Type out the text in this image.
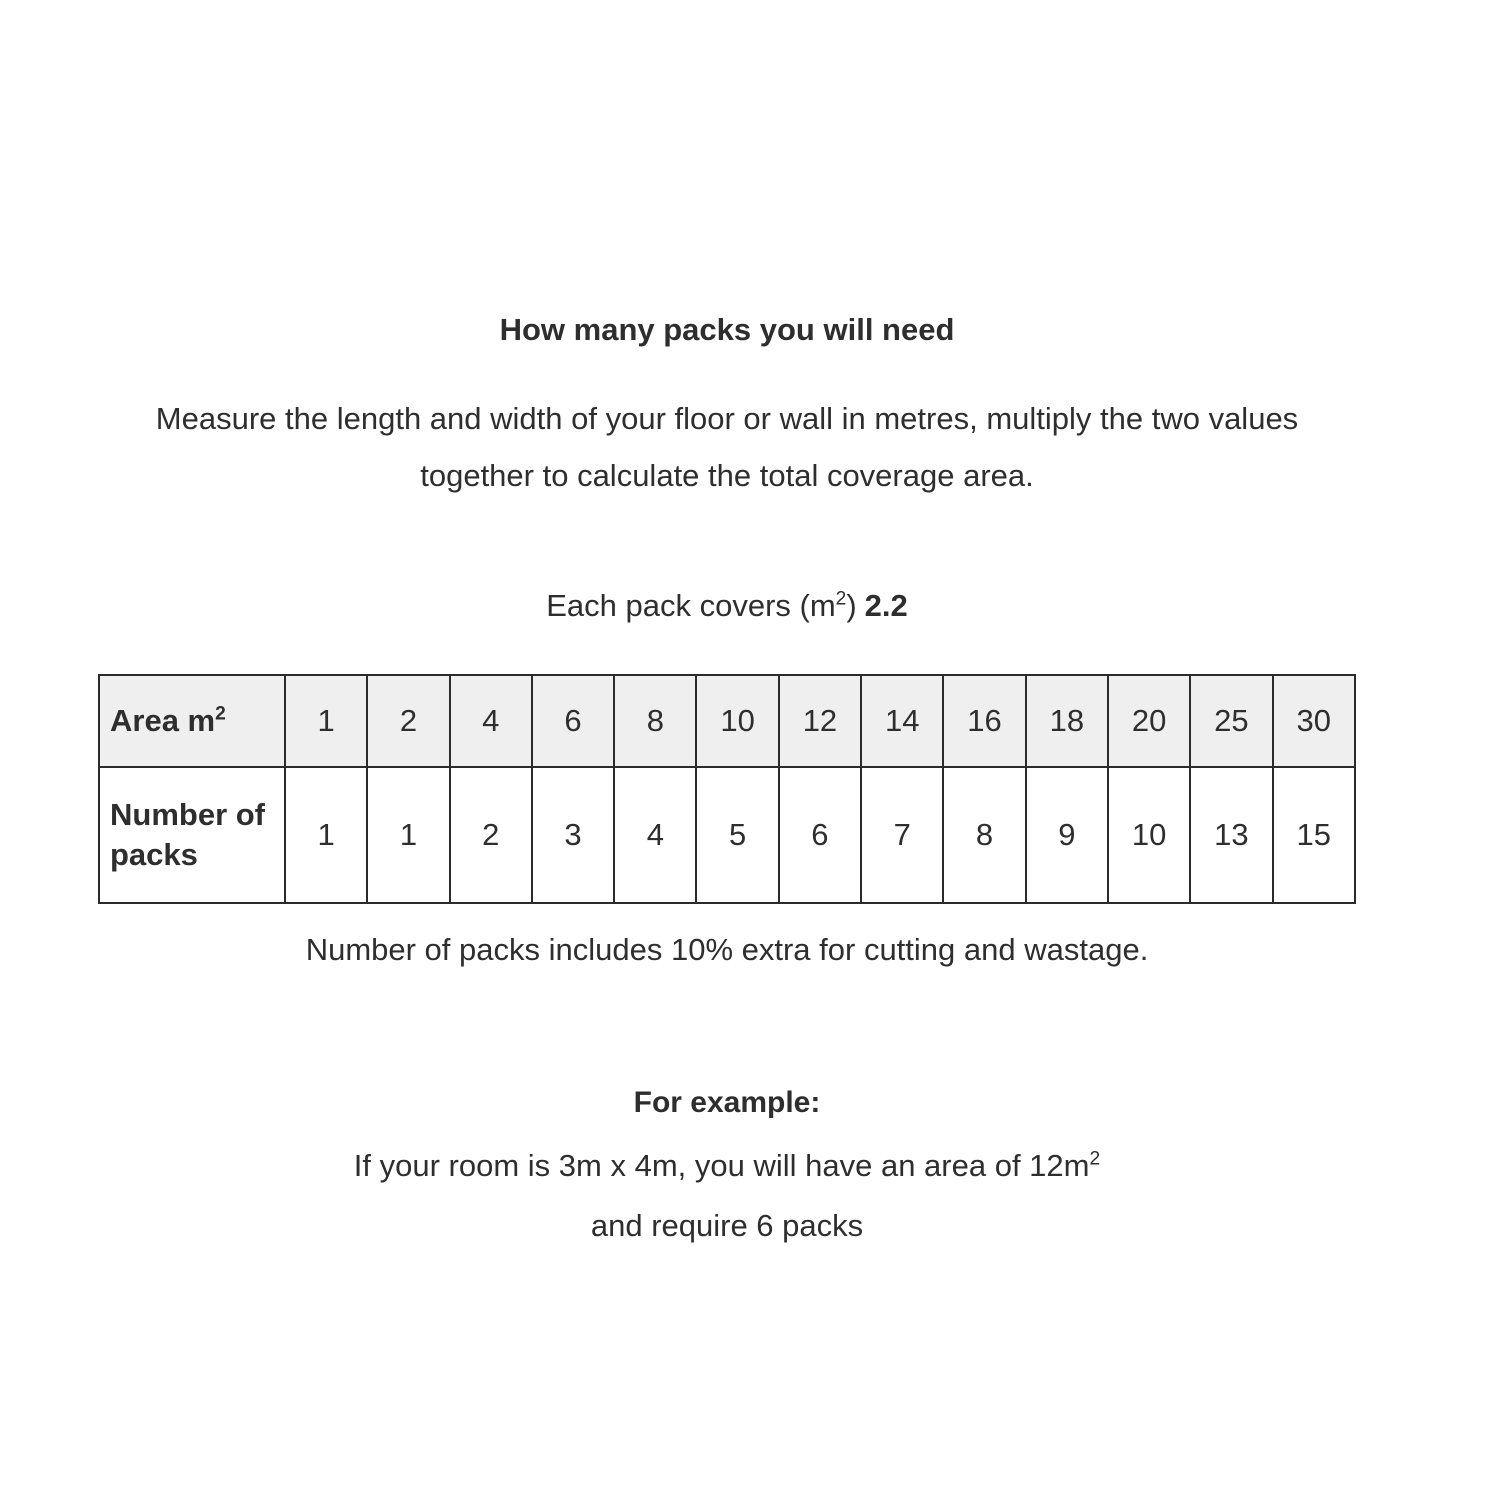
How many packs you will need

Measure the length and width of your floor or wall in metres, multiply the two values together to calculate the total coverage area.

Each pack covers $(m^2)$ 2.2
Area $m^2$	1	2	4	6	8	10	12	14	16	18	20	25	30
Number of packs	1	1	2	3	4	5	6	7	8	9	10	13	15

Number of packs includes 10% extra for cutting and wastage.

For example:

If your room is 3m x 4m, you will have an area of $12m^2$
and require 6 packs
